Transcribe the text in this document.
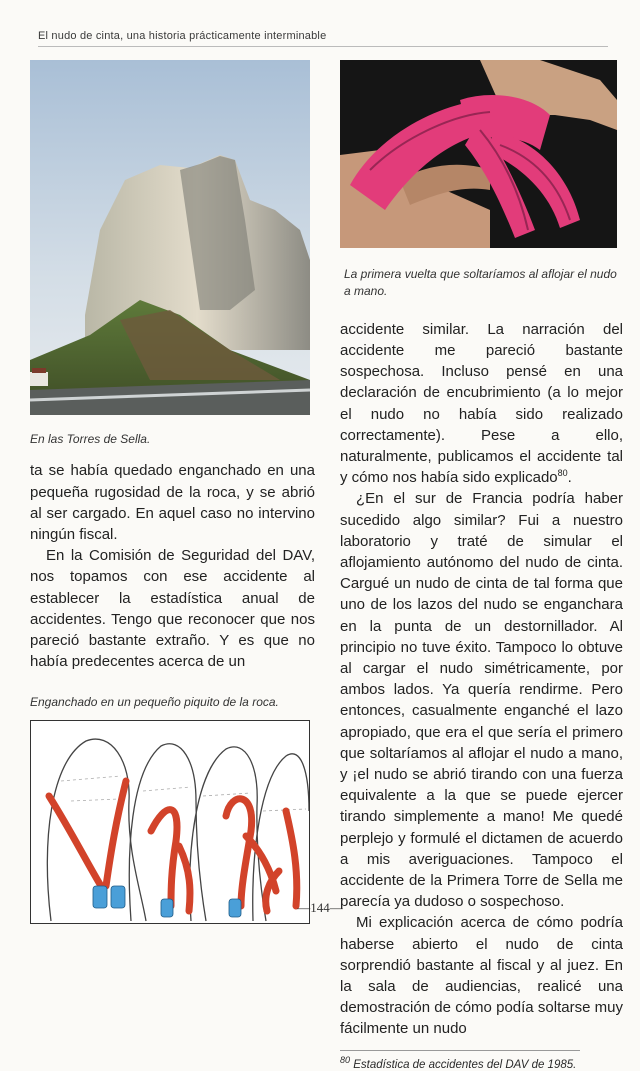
El nudo de cinta, una historia prácticamente interminable
En las Torres de Sella.

ta se había quedado enganchado en una pequeña rugosidad de la roca, y se abrió al ser cargado. En aquel caso no intervino ningún fiscal.

En la Comisión de Seguridad del DAV, nos topamos con ese accidente al establecer la estadística anual de accidentes. Tengo que reconocer que nos pareció bastante extraño. Y es que no había predecentes acerca de un

Enganchado en un pequeño piquito de la roca.
La primera vuelta que soltaríamos al aflojar el nudo a mano.

accidente similar. La narración del accidente me pareció bastante sospechosa. Incluso pensé en una declaración de encubrimiento (a lo mejor el nudo no había sido realizado correctamente). Pese a ello, naturalmente, publicamos el accidente tal y cómo nos había sido explicado$^{80}$.

¿En el sur de Francia podría haber sucedido algo similar? Fui a nuestro laboratorio y traté de simular el aflojamiento autónomo del nudo de cinta. Cargué un nudo de cinta de tal forma que uno de los lazos del nudo se enganchara en la punta de un destornillador. Al principio no tuve éxito. Tampoco lo obtuve al cargar el nudo simétricamente, por ambos lados. Ya quería rendirme. Pero entonces, casualmente enganché el lazo apropiado, que era el que sería el primero que soltaríamos al aflojar el nudo a mano, y ¡el nudo se abrió tirando con una fuerza equivalente a la que se puede ejercer tirando simplemente a mano! Me quedé perplejo y formulé el dictamen de acuerdo a mis averiguaciones. Tampoco el accidente de la Primera Torre de Sella me parecía ya dudoso o sospechoso.

Mi explicación acerca de cómo podría haberse abierto el nudo de cinta sorprendió bastante al fiscal y al juez. En la sala de audiencias, realicé una demostración de cómo podía soltarse muy fácilmente un nudo

$^{80}$ Estadística de accidentes del DAV de 1985.
—144—
